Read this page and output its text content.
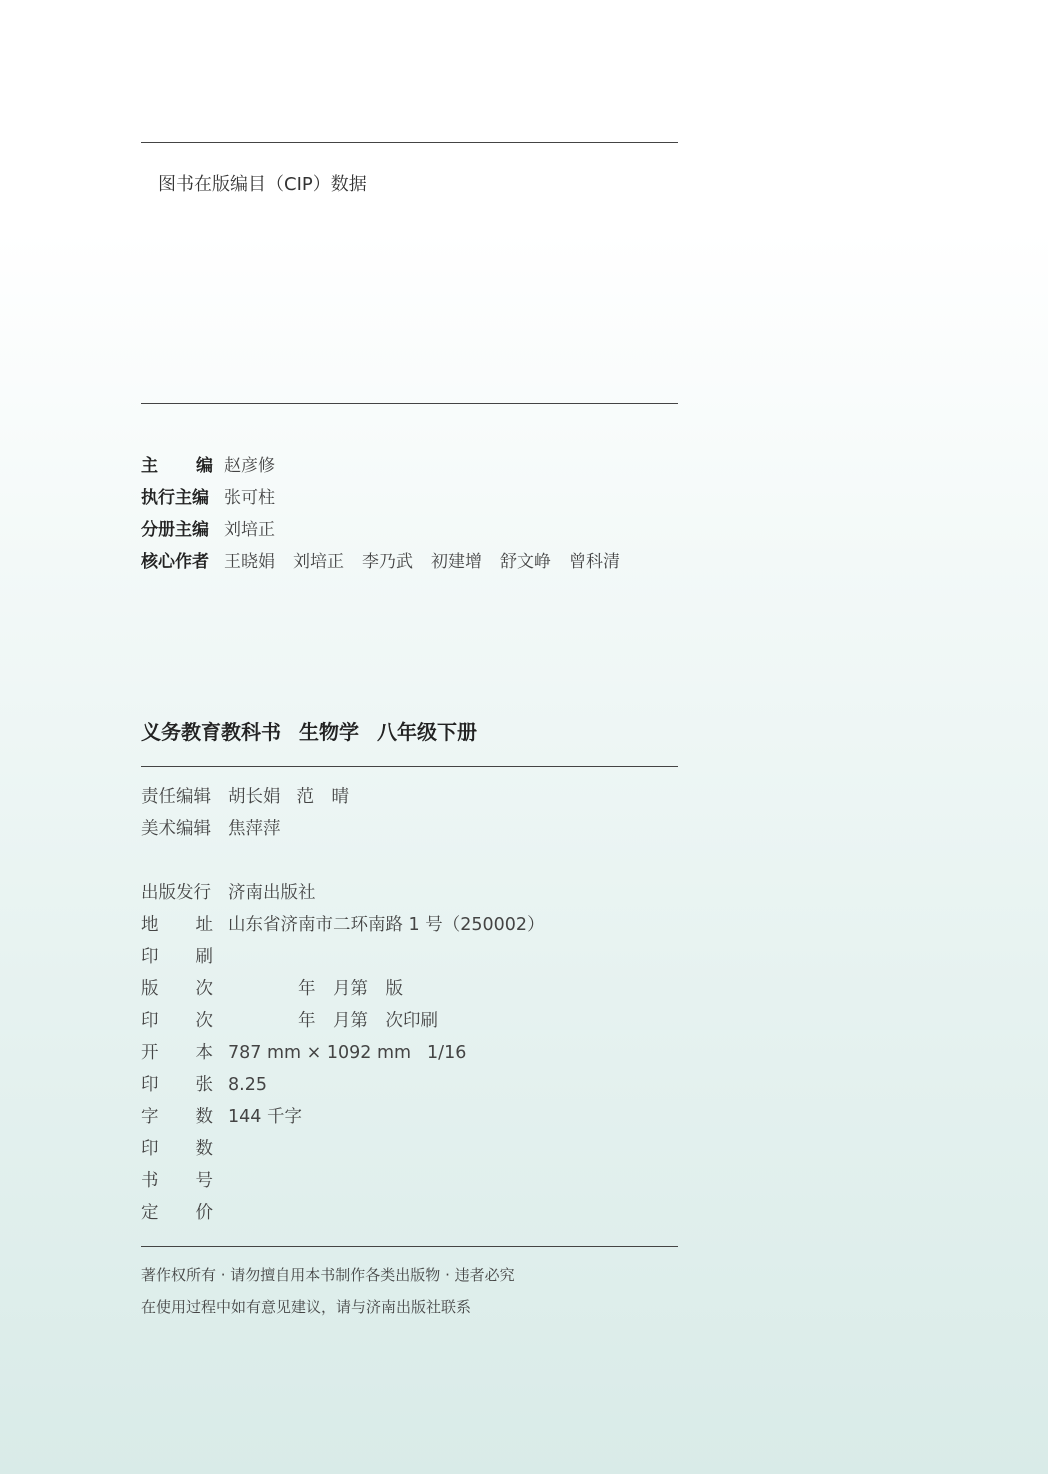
图书在版编目（CIP）数据
主 编 赵彦修
执行主编 张可柱
分册主编 刘培正
核心作者 王晓娟 刘培正 李乃武 初建增 舒文峥 曾科清
义务教育教科书 生物学 八年级下册
责任编辑 胡长娟 范　晴
美术编辑 焦萍萍
出版发行 济南出版社
地 址 山东省济南市二环南路 1 号（250002）
印 刷
版 次 　　　　年　月第　版
印 次 　　　　年　月第　次印刷
开 本 787 mm × 1092 mm 1/16
印 张 8.25
字 数 144 千字
印 数
书 号
定 价
著作权所有 · 请勿擅自用本书制作各类出版物 · 违者必究
在使用过程中如有意见建议，请与济南出版社联系
